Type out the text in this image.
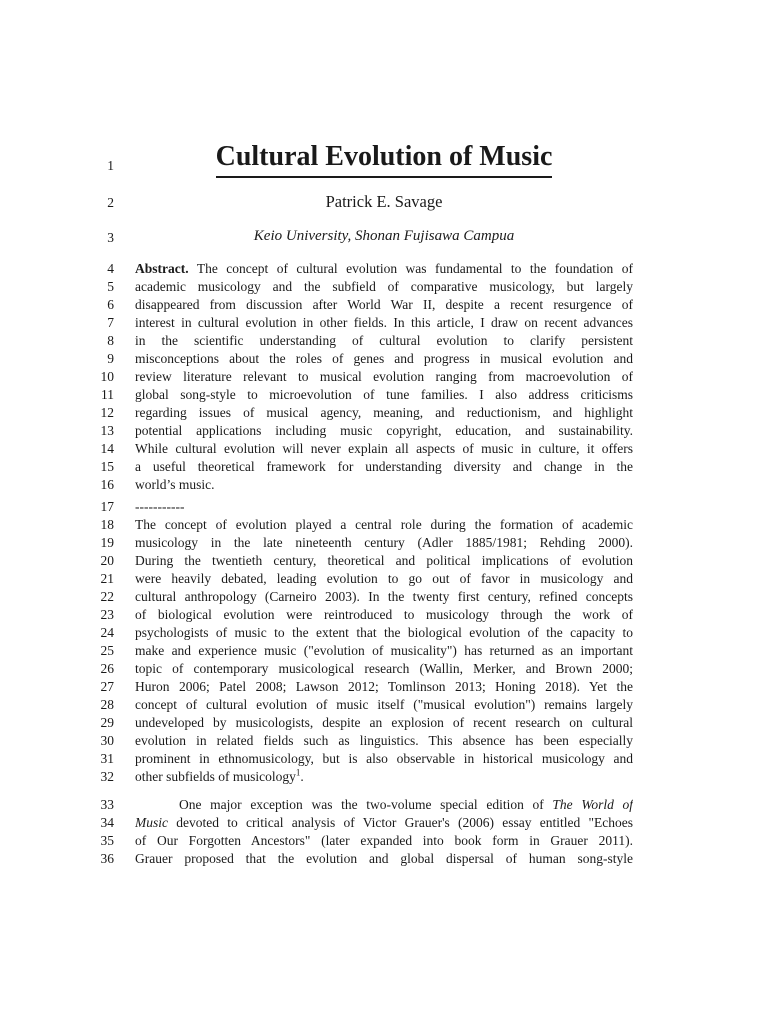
1
2
3
4
5
6
7
8
9
10
11
12
13
14
15
16
17
18
19
20
21
22
23
24
25
26
27
28
29
30
31
32
33
34
35
36
Cultural Evolution of Music
Patrick E. Savage
Keio University, Shonan Fujisawa Campua
Abstract. The concept of cultural evolution was fundamental to the foundation of
academic musicology and the subfield of comparative musicology, but largely
disappeared from discussion after World War II, despite a recent resurgence of
interest in cultural evolution in other fields. In this article, I draw on recent advances
in the scientific understanding of cultural evolution to clarify persistent
misconceptions about the roles of genes and progress in musical evolution and
review literature relevant to musical evolution ranging from macroevolution of
global song-style to microevolution of tune families. I also address criticisms
regarding issues of musical agency, meaning, and reductionism, and highlight
potential applications including music copyright, education, and sustainability.
While cultural evolution will never explain all aspects of music in culture, it offers
a useful theoretical framework for understanding diversity and change in the
world’s music.
-----------
The concept of evolution played a central role during the formation of academic
musicology in the late nineteenth century (Adler 1885/1981; Rehding 2000).
During the twentieth century, theoretical and political implications of evolution
were heavily debated, leading evolution to go out of favor in musicology and
cultural anthropology (Carneiro 2003). In the twenty first century, refined concepts
of biological evolution were reintroduced to musicology through the work of
psychologists of music to the extent that the biological evolution of the capacity to
make and experience music ("evolution of musicality") has returned as an important
topic of contemporary musicological research (Wallin, Merker, and Brown 2000;
Huron 2006; Patel 2008; Lawson 2012; Tomlinson 2013; Honing 2018). Yet the
concept of cultural evolution of music itself ("musical evolution") remains largely
undeveloped by musicologists, despite an explosion of recent research on cultural
evolution in related fields such as linguistics. This absence has been especially
prominent in ethnomusicology, but is also observable in historical musicology and
other subfields of musicology$^1$.
One major exception was the two-volume special edition of The World of
Music devoted to critical analysis of Victor Grauer's (2006) essay entitled "Echoes
of Our Forgotten Ancestors" (later expanded into book form in Grauer 2011).
Grauer proposed that the evolution and global dispersal of human song-style
